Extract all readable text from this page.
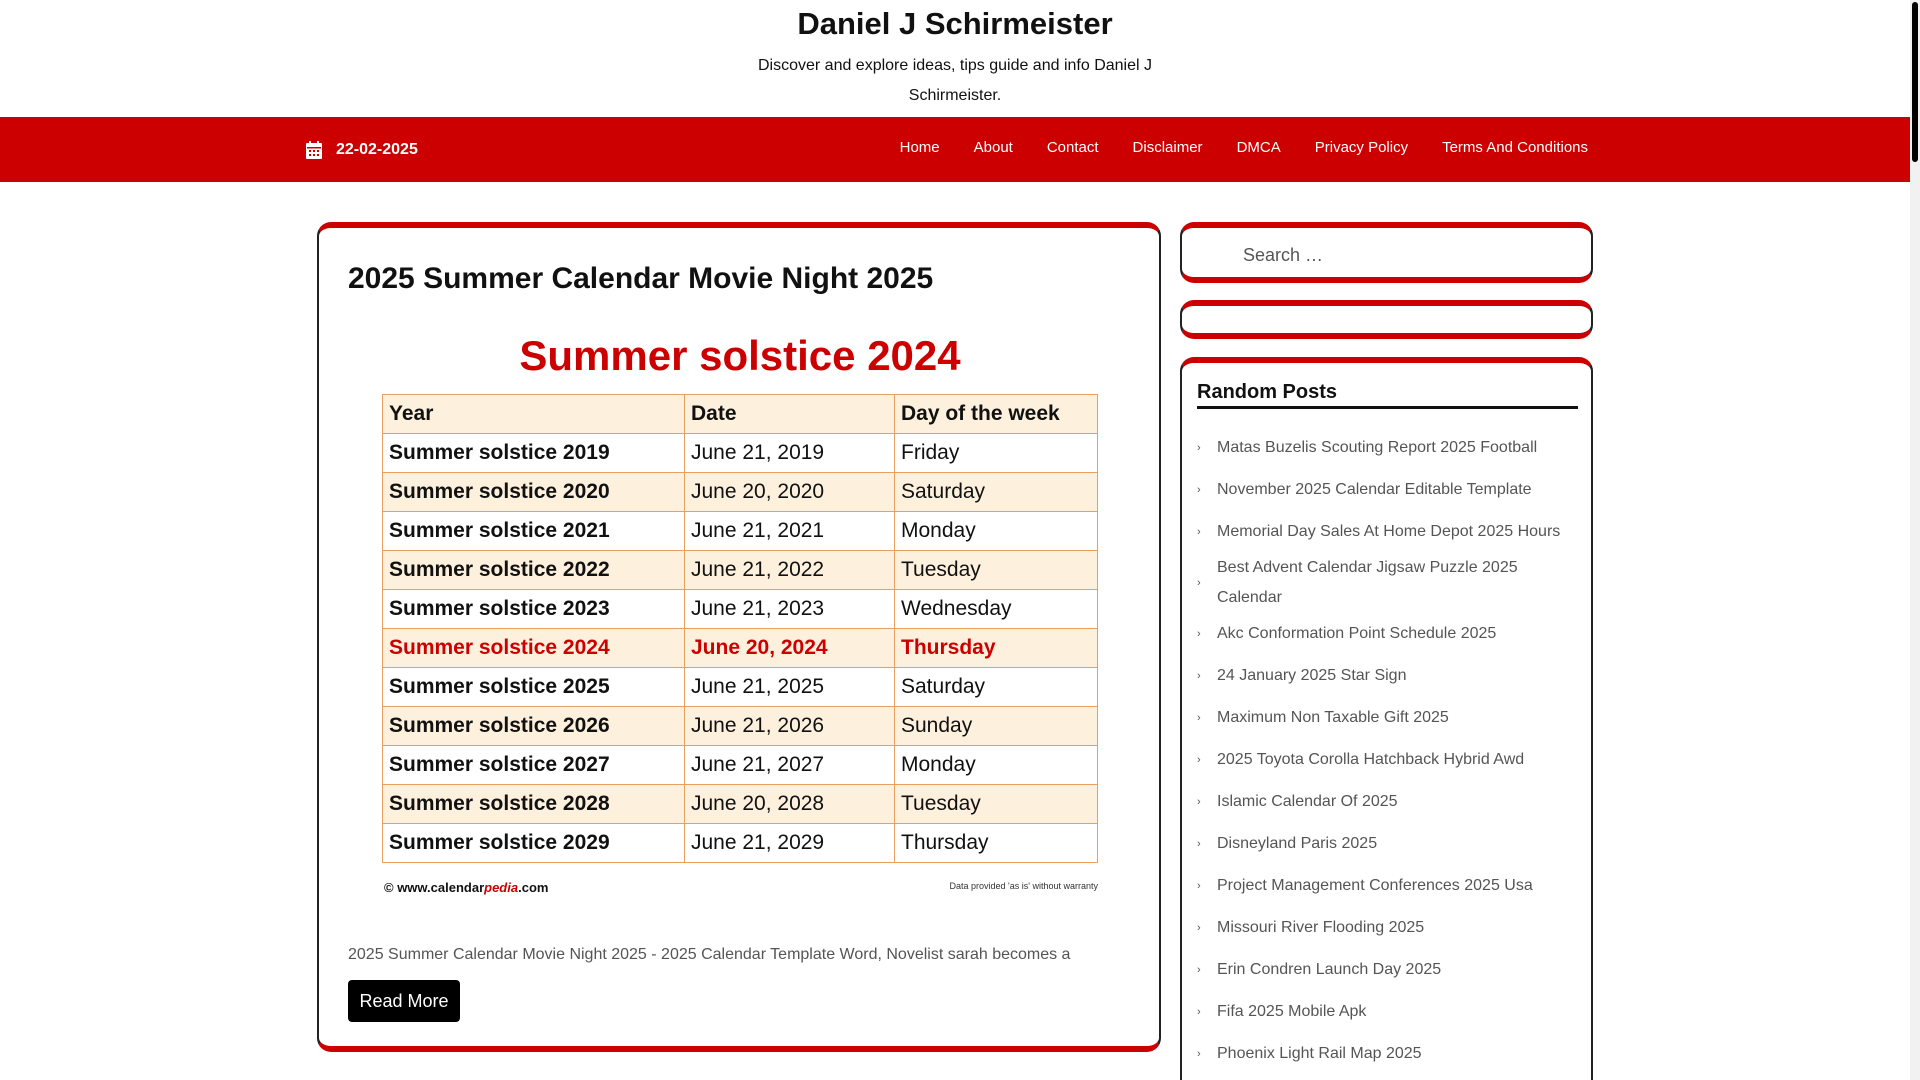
Daniel J Schirmeister
Discover and explore ideas, tips guide and info Daniel J Schirmeister.
22-02-2025	Home About Contact Disclaimer DMCA Privacy Policy Terms And Conditions
2025 Summer Calendar Movie Night 2025
Summer solstice 2024
Year	Date	Day of the week
Summer solstice 2019	June 21, 2019	Friday
Summer solstice 2020	June 20, 2020	Saturday
Summer solstice 2021	June 21, 2021	Monday
Summer solstice 2022	June 21, 2022	Tuesday
Summer solstice 2023	June 21, 2023	Wednesday
Summer solstice 2024	June 20, 2024	Thursday
Summer solstice 2025	June 21, 2025	Saturday
Summer solstice 2026	June 21, 2026	Sunday
Summer solstice 2027	June 21, 2027	Monday
Summer solstice 2028	June 20, 2028	Tuesday
Summer solstice 2029	June 21, 2029	Thursday
© www.calendarpedia.com	Data provided 'as is' without warranty

2025 Summer Calendar Movie Night 2025 - 2025 Calendar Template Word, Novelist sarah becomes a

Read More
Search …
Random Posts
›	Matas Buzelis Scouting Report 2025 Football
›	November 2025 Calendar Editable Template
›	Memorial Day Sales At Home Depot 2025 Hours
›
Best Advent Calendar Jigsaw Puzzle 2025 Calendar
›	Akc Conformation Point Schedule 2025
›	24 January 2025 Star Sign
›	Maximum Non Taxable Gift 2025
›	2025 Toyota Corolla Hatchback Hybrid Awd
›	Islamic Calendar Of 2025
›	Disneyland Paris 2025
›	Project Management Conferences 2025 Usa
›	Missouri River Flooding 2025
›	Erin Condren Launch Day 2025
›	Fifa 2025 Mobile Apk
›	Phoenix Light Rail Map 2025
